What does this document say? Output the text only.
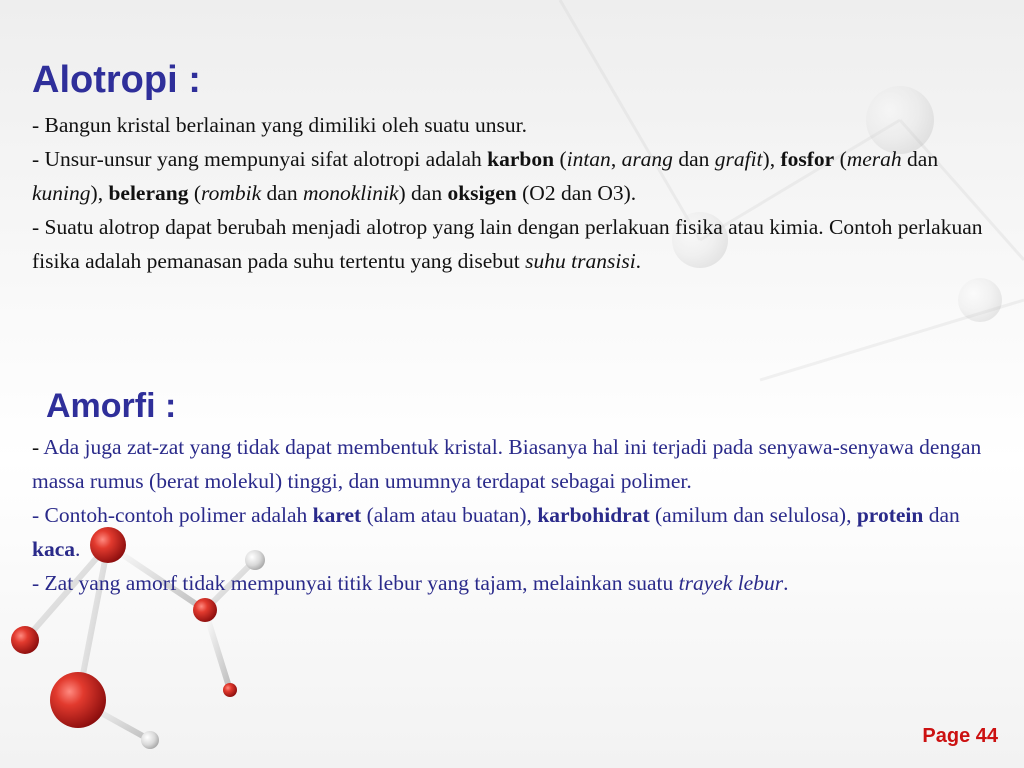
Alotropi :

- Bangun kristal berlainan yang dimiliki oleh suatu unsur.
- Unsur-unsur yang mempunyai sifat alotropi adalah karbon (intan, arang dan grafit), fosfor (merah dan kuning), belerang (rombik dan monoklinik) dan oksigen (O2 dan O3).
- Suatu alotrop dapat berubah menjadi alotrop yang lain dengan perlakuan fisika atau kimia. Contoh perlakuan fisika adalah pemanasan pada suhu tertentu yang disebut suhu transisi.

Amorfi :

- Ada juga zat-zat yang tidak dapat membentuk kristal. Biasanya hal ini terjadi pada senyawa-senyawa dengan massa rumus (berat molekul) tinggi, dan umumnya terdapat sebagai polimer.
- Contoh-contoh polimer adalah karet (alam atau buatan), karbohidrat (amilum dan selulosa), protein dan kaca.
- Zat yang amorf tidak mempunyai titik lebur yang tajam, melainkan suatu trayek lebur.

Page 44
